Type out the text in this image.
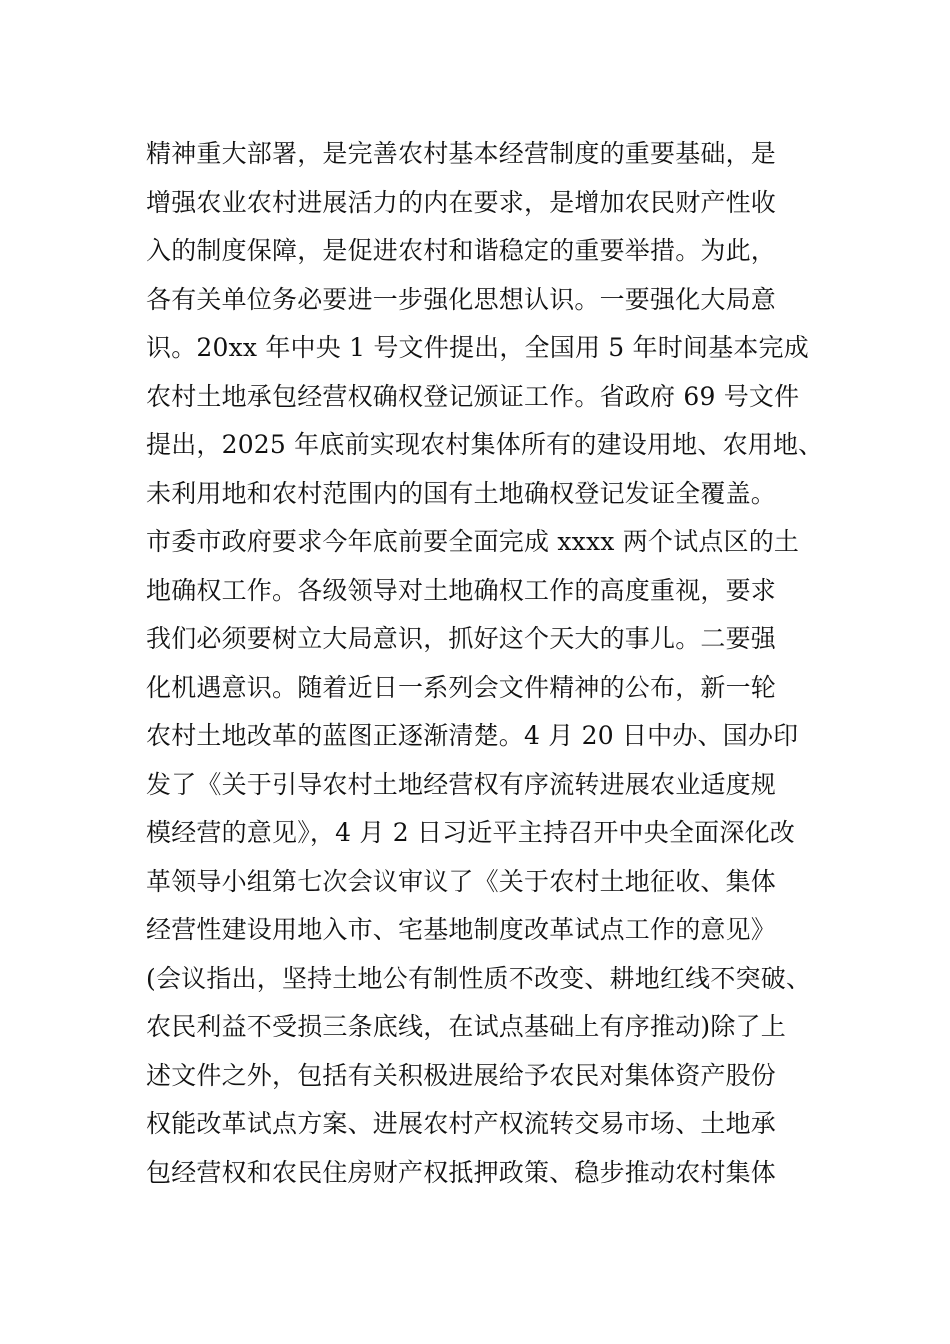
精神重大部署，是完善农村基本经营制度的重要基础，是
增强农业农村进展活力的内在要求，是增加农民财产性收
入的制度保障，是促进农村和谐稳定的重要举措。为此，
各有关单位务必要进一步强化思想认识。一要强化大局意
识。20xx 年中央 1 号文件提出，全国用 5 年时间基本完成
农村土地承包经营权确权登记颁证工作。省政府 69 号文件
提出，2025 年底前实现农村集体所有的建设用地、农用地、
未利用地和农村范围内的国有土地确权登记发证全覆盖。
市委市政府要求今年底前要全面完成 xxxx 两个试点区的土
地确权工作。各级领导对土地确权工作的高度重视，要求
我们必须要树立大局意识，抓好这个天大的事儿。二要强
化机遇意识。随着近日一系列会文件精神的公布，新一轮
农村土地改革的蓝图正逐渐清楚。4 月 20 日中办、国办印
发了《关于引导农村土地经营权有序流转进展农业适度规
模经营的意见》，4 月 2 日习近平主持召开中央全面深化改
革领导小组第七次会议审议了《关于农村土地征收、集体
经营性建设用地入市、宅基地制度改革试点工作的意见》
(会议指出，坚持土地公有制性质不改变、耕地红线不突破、
农民利益不受损三条底线，在试点基础上有序推动)除了上
述文件之外，包括有关积极进展给予农民对集体资产股份
权能改革试点方案、进展农村产权流转交易市场、土地承
包经营权和农民住房财产权抵押政策、稳步推动农村集体
